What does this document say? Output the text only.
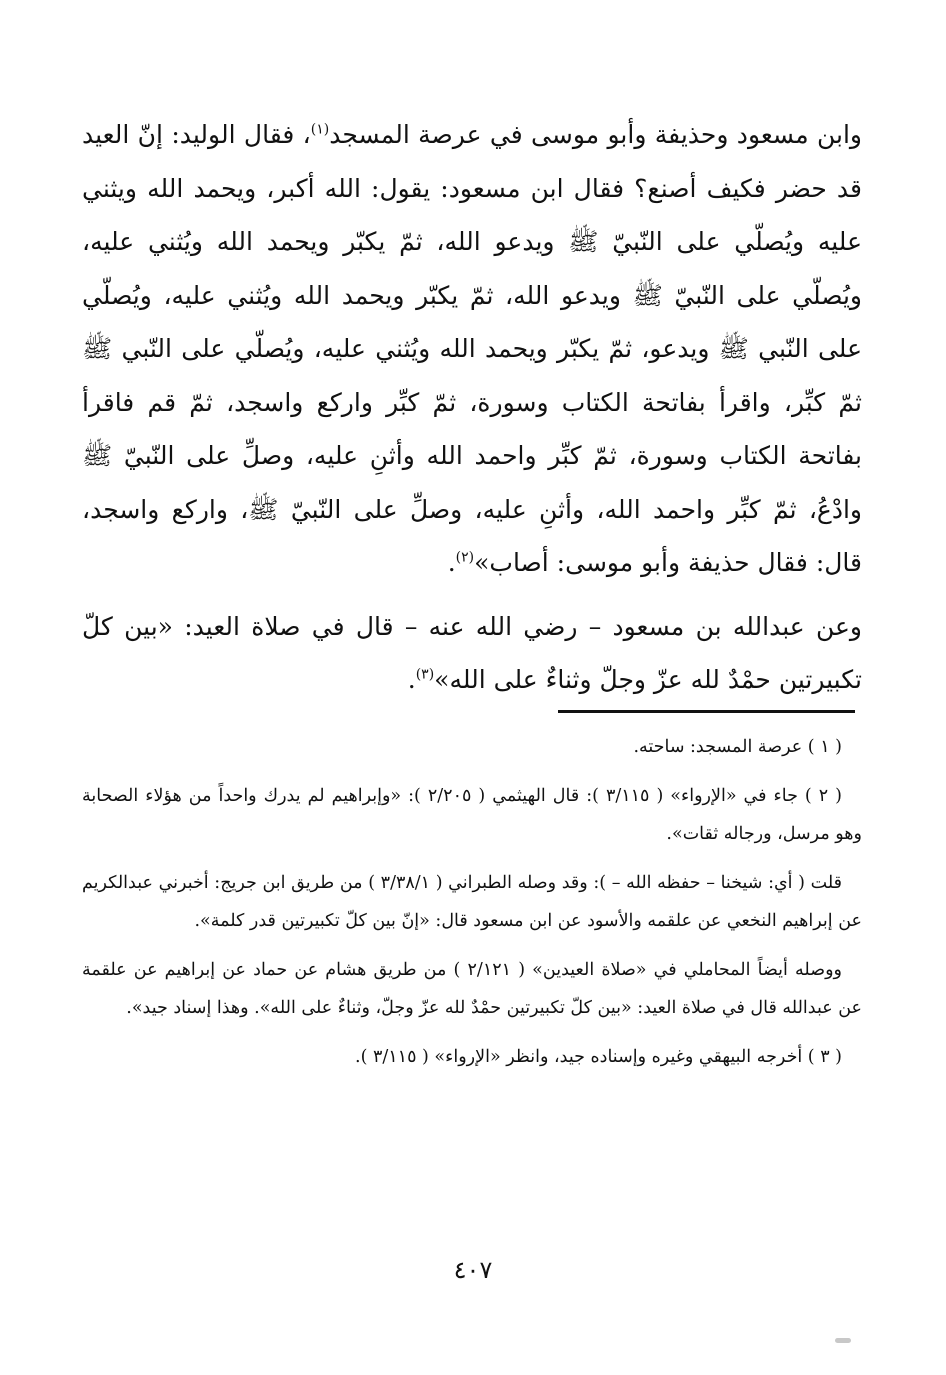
وابن مسعود وحذيفة وأبو موسى في عرصة المسجد$^{(١)}$، فقال الوليد: إنّ العيد قد حضر فكيف أصنع؟ فقال ابن مسعود: يقول: الله أكبر، ويحمد الله ويثني عليه ويُصلّي على النّبيّ ﷺ ويدعو الله، ثمّ يكبّر ويحمد الله ويُثني عليه، ويُصلّي على النّبيّ ﷺ ويدعو الله، ثمّ يكبّر ويحمد الله ويُثني عليه، ويُصلّي على النّبي ﷺ ويدعو، ثمّ يكبّر ويحمد الله ويُثني عليه، ويُصلّي على النّبي ﷺ ثمّ كبِّر، واقرأ بفاتحة الكتاب وسورة، ثمّ كبِّر واركع واسجد، ثمّ قم فاقرأ بفاتحة الكتاب وسورة، ثمّ كبِّر واحمد الله وأثنِ عليه، وصلِّ على النّبيّ ﷺ وادْعُ، ثمّ كبِّر واحمد الله، وأثنِ عليه، وصلِّ على النّبيّ ﷺ، واركع واسجد، قال: فقال حذيفة وأبو موسى: أصاب»$^{(٢)}$.

وعن عبدالله بن مسعود – رضي الله عنه – قال في صلاة العيد: «بين كلّ تكبيرتين حمْدٌ لله عزّ وجلّ وثناءٌ على الله»$^{(٣)}$.

( ١ ) عرصة المسجد: ساحته.

( ٢ ) جاء في «الإرواء» ( ٣/١١٥ ): قال الهيثمي ( ٢/٢٠٥ ): «وإبراهيم لم يدرك واحداً من هؤلاء الصحابة وهو مرسل، ورجاله ثقات».

قلت ( أي: شيخنا – حفظه الله – ): وقد وصله الطبراني ( ٣/٣٨/١ ) من طريق ابن جريج: أخبرني عبدالكريم عن إبراهيم النخعي عن علقمه والأسود عن ابن مسعود قال: «إنّ بين كلّ تكبيرتين قدر كلمة».

ووصله أيضاً المحاملي في «صلاة العيدين» ( ٢/١٢١ ) من طريق هشام عن حماد عن إبراهيم عن علقمة عن عبدالله قال في صلاة العيد: «بين كلّ تكبيرتين حمْدٌ لله عزّ وجلّ، وثناءٌ على الله». وهذا إسناد جيد».

( ٣ ) أخرجه البيهقي وغيره وإسناده جيد، وانظر «الإرواء» ( ٣/١١٥ ).

٤٠٧
